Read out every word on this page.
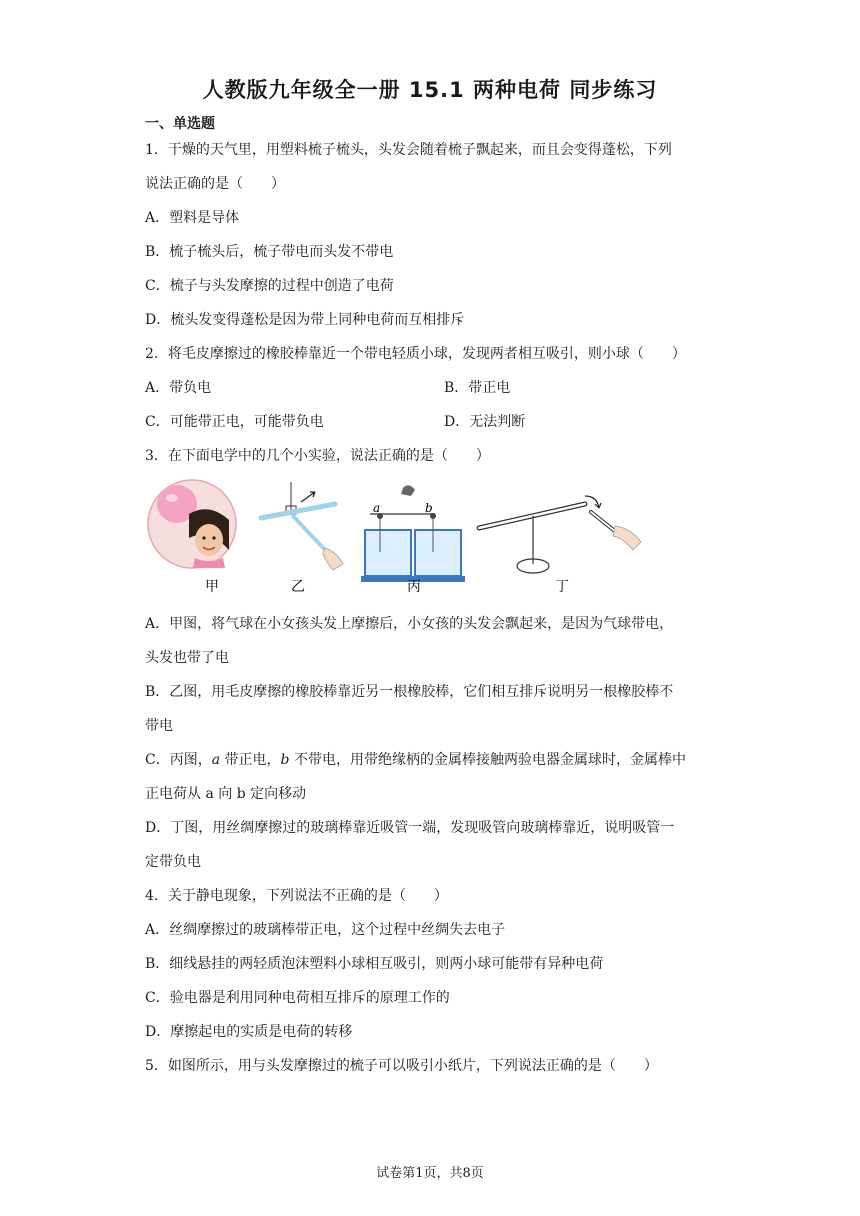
人教版九年级全一册 15.1 两种电荷 同步练习
一、单选题
1．干燥的天气里，用塑料梳子梳头，头发会随着梳子飘起来，而且会变得蓬松，下列
说法正确的是（　　）
A．塑料是导体
B．梳子梳头后，梳子带电而头发不带电
C．梳子与头发摩擦的过程中创造了电荷
D．梳头发变得蓬松是因为带上同种电荷而互相排斥
2．将毛皮摩擦过的橡胶棒靠近一个带电轻质小球，发现两者相互吸引，则小球（　　）
A．带负电	B．带正电
C．可能带正电，可能带负电	D．无法判断
3．在下面电学中的几个小实验，说法正确的是（　　）
a	b
甲	乙	丙	丁
A．甲图，将气球在小女孩头发上摩擦后，小女孩的头发会飘起来，是因为气球带电，
头发也带了电
B．乙图，用毛皮摩擦的橡胶棒靠近另一根橡胶棒，它们相互排斥说明另一根橡胶棒不
带电
C．丙图，a 带正电，b 不带电，用带绝缘柄的金属棒接触两验电器金属球时，金属棒中
正电荷从 a 向 b 定向移动
D．丁图，用丝绸摩擦过的玻璃棒靠近吸管一端，发现吸管向玻璃棒靠近，说明吸管一
定带负电
4．关于静电现象，下列说法不正确的是（　　）
A．丝绸摩擦过的玻璃棒带正电，这个过程中丝绸失去电子
B．细线悬挂的两轻质泡沫塑料小球相互吸引，则两小球可能带有异种电荷
C．验电器是利用同种电荷相互排斥的原理工作的
D．摩擦起电的实质是电荷的转移
5．如图所示，用与头发摩擦过的梳子可以吸引小纸片，下列说法正确的是（　　）
试卷第1页，共8页
